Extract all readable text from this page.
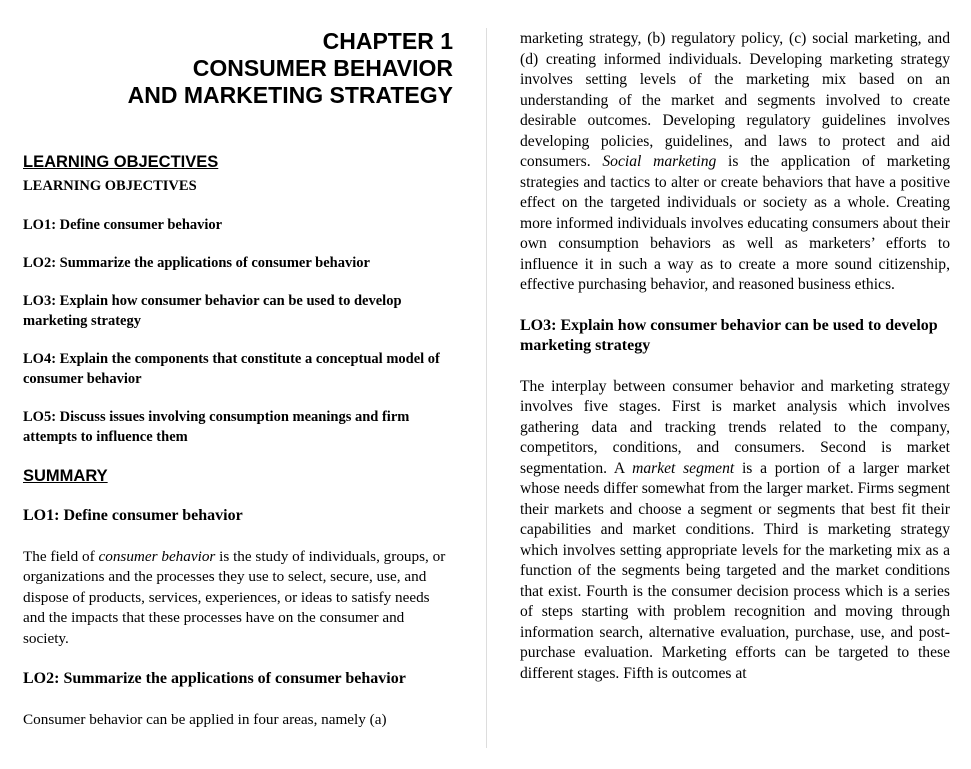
CHAPTER 1

CONSUMER BEHAVIOR

AND MARKETING STRATEGY

LEARNING OBJECTIVES

LEARNING OBJECTIVES

LO1: Define consumer behavior

LO2: Summarize the applications of consumer behavior

LO3: Explain how consumer behavior can be used to develop marketing strategy

LO4: Explain the components that constitute a conceptual model of consumer behavior

LO5: Discuss issues involving consumption meanings and firm attempts to influence them

SUMMARY

LO1: Define consumer behavior

The field of consumer behavior is the study of individuals, groups, or organizations and the processes they use to select, secure, use, and dispose of products, services, experiences, or ideas to satisfy needs and the impacts that these processes have on the consumer and society.

LO2: Summarize the applications of consumer behavior

Consumer behavior can be applied in four areas, namely (a)

marketing strategy, (b) regulatory policy, (c) social marketing, and (d) creating informed individuals. Developing marketing strategy involves setting levels of the marketing mix based on an understanding of the market and segments involved to create desirable outcomes. Developing regulatory guidelines involves developing policies, guidelines, and laws to protect and aid consumers. Social marketing is the application of marketing strategies and tactics to alter or create behaviors that have a positive effect on the targeted individuals or society as a whole. Creating more informed individuals involves educating consumers about their own consumption behaviors as well as marketers’ efforts to influence it in such a way as to create a more sound citizenship, effective purchasing behavior, and reasoned business ethics.

LO3: Explain how consumer behavior can be used to develop marketing strategy

The interplay between consumer behavior and marketing strategy involves five stages. First is market analysis which involves gathering data and tracking trends related to the company, competitors, conditions, and consumers. Second is market segmentation. A market segment is a portion of a larger market whose needs differ somewhat from the larger market. Firms segment their markets and choose a segment or segments that best fit their capabilities and market conditions. Third is marketing strategy which involves setting appropriate levels for the marketing mix as a function of the segments being targeted and the market conditions that exist. Fourth is the consumer decision process which is a series of steps starting with problem recognition and moving through information search, alternative evaluation, purchase, use, and post-purchase evaluation. Marketing efforts can be targeted to these different stages. Fifth is outcomes at
